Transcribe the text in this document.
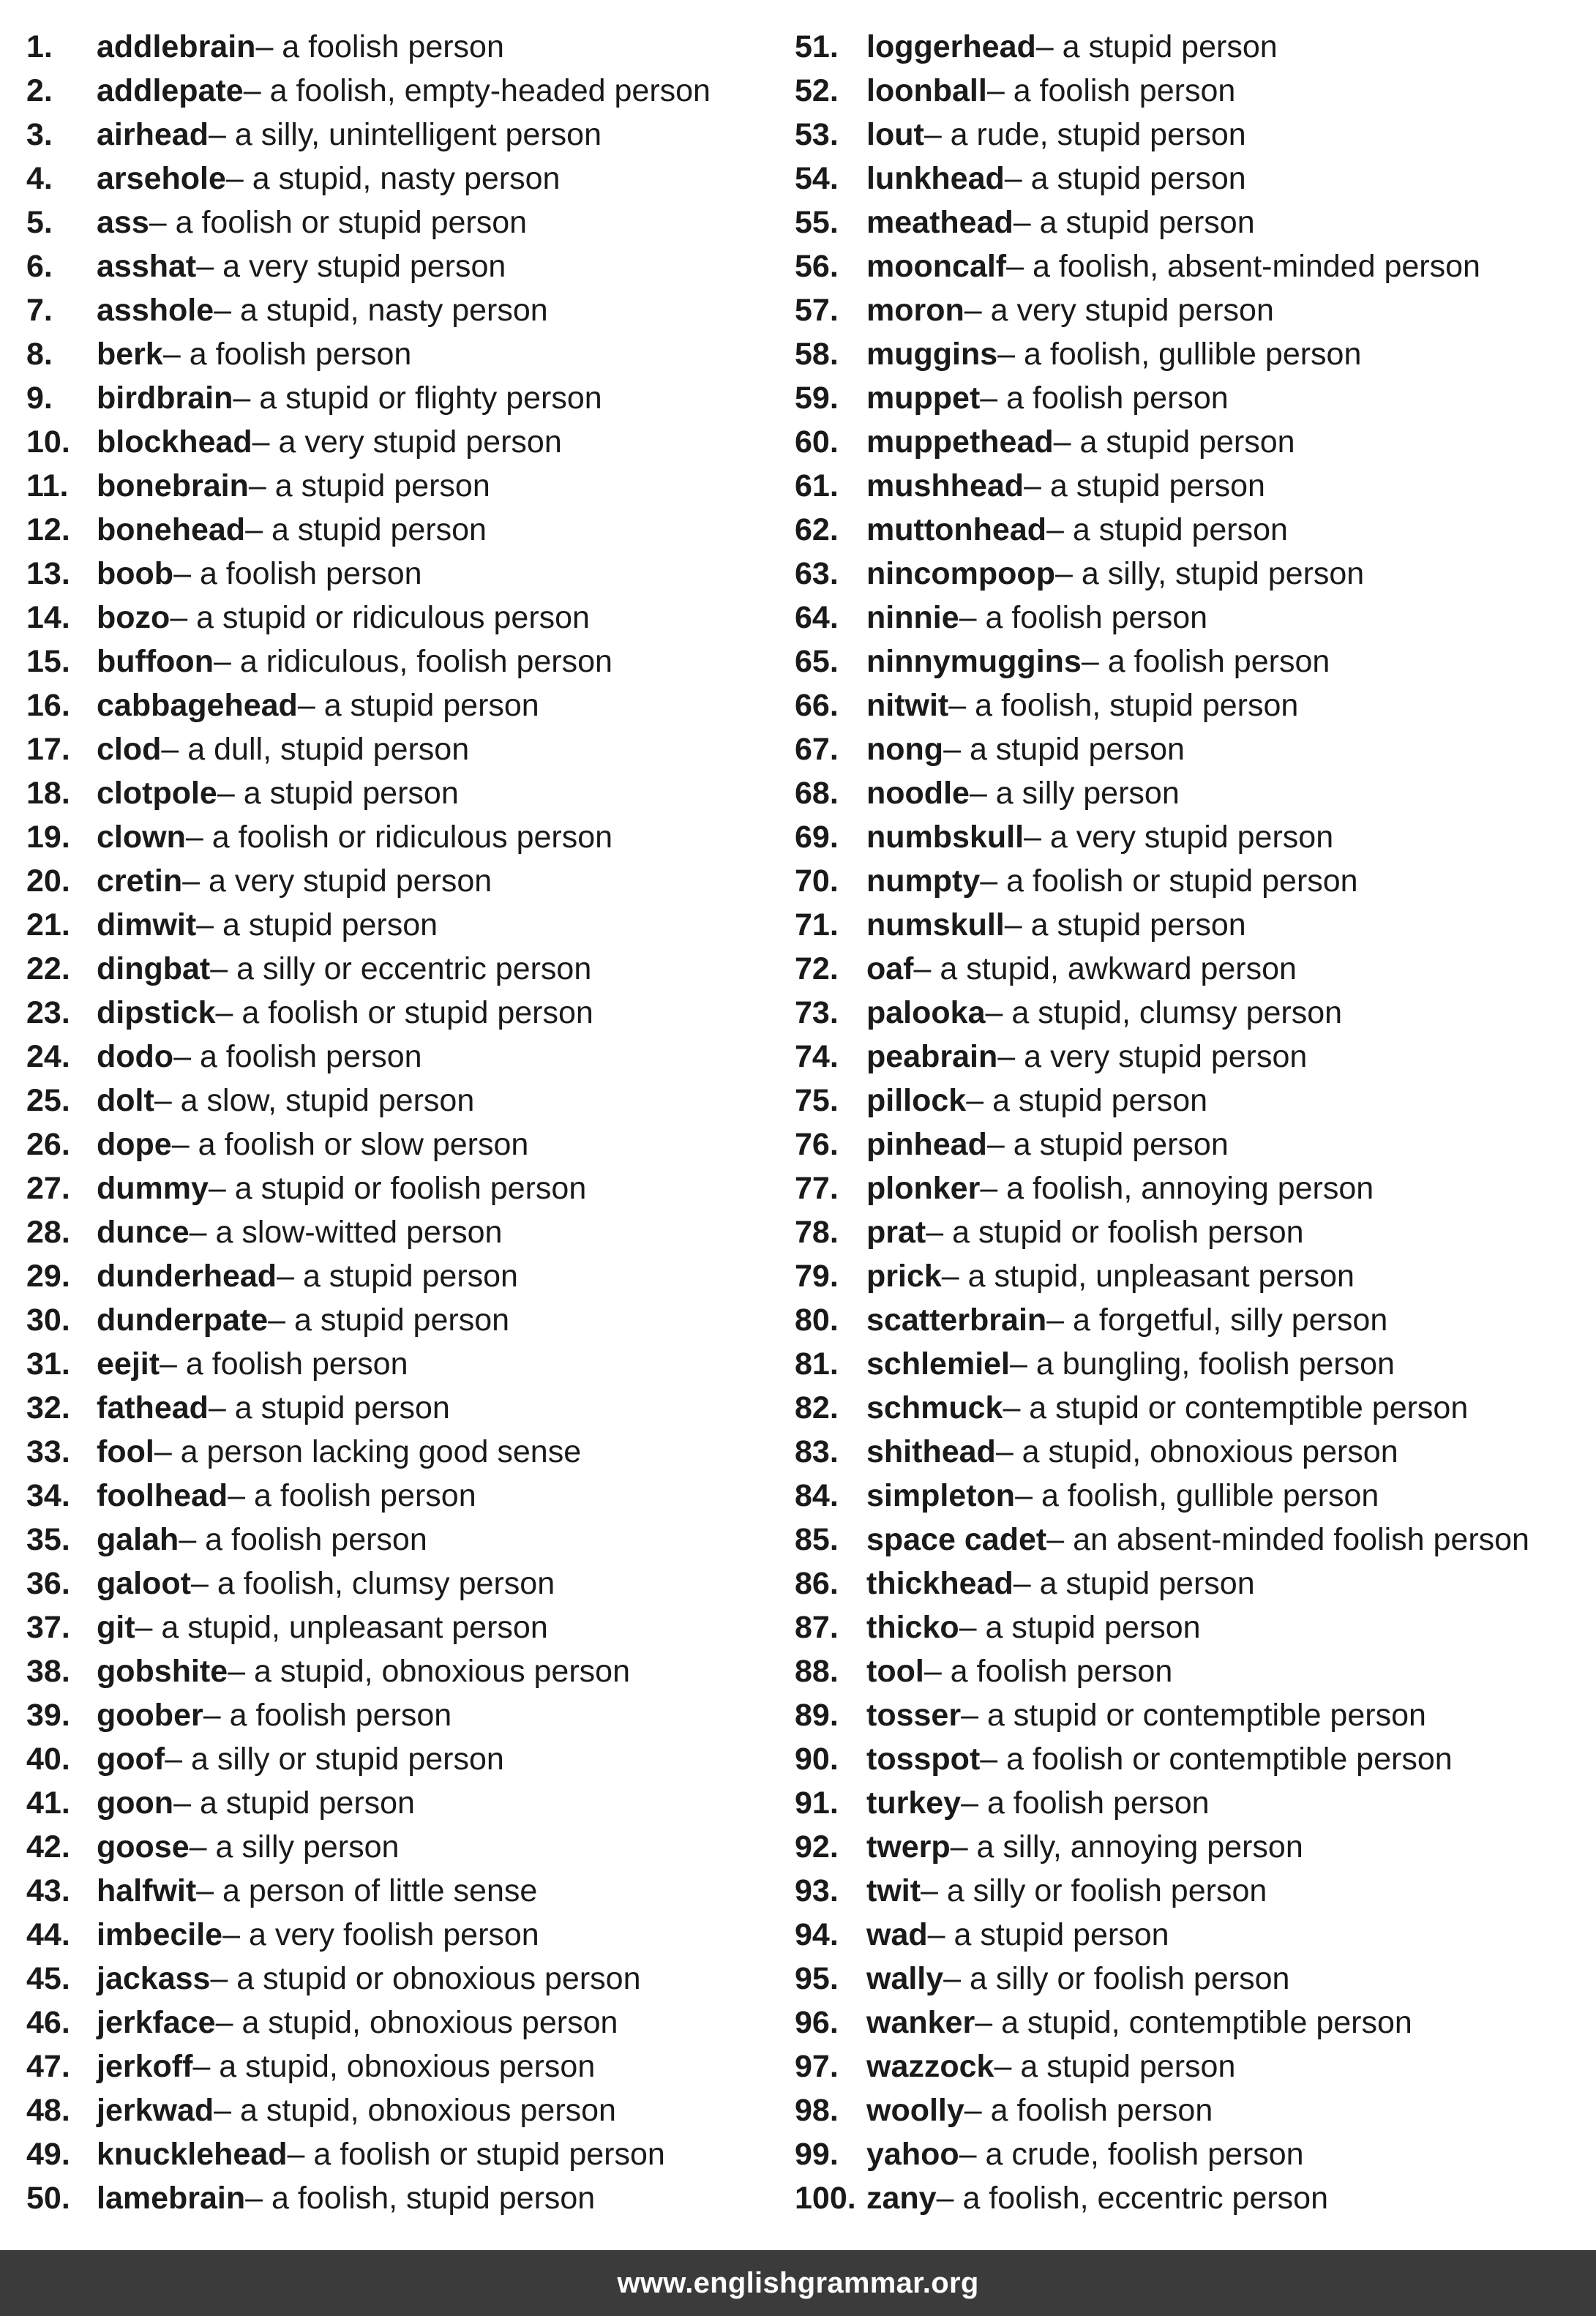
1.	addlebrain – a foolish person
2.	addlepate – a foolish, empty-headed person
3.	airhead – a silly, unintelligent person
4.	arsehole – a stupid, nasty person
5.	ass – a foolish or stupid person
6.	asshat – a very stupid person
7.	asshole – a stupid, nasty person
8.	berk – a foolish person
9.	birdbrain – a stupid or flighty person
10. blockhead – a very stupid person
11. bonebrain – a stupid person
12. bonehead – a stupid person
13. boob – a foolish person
14. bozo – a stupid or ridiculous person
15. buffoon – a ridiculous, foolish person
16. cabbagehead – a stupid person
17. clod – a dull, stupid person
18. clotpole – a stupid person
19. clown – a foolish or ridiculous person
20. cretin – a very stupid person
21. dimwit – a stupid person
22. dingbat – a silly or eccentric person
23. dipstick – a foolish or stupid person
24. dodo – a foolish person
25. dolt – a slow, stupid person
26. dope – a foolish or slow person
27. dummy – a stupid or foolish person
28. dunce – a slow-witted person
29. dunderhead – a stupid person
30. dunderpate – a stupid person
31. eejit – a foolish person
32. fathead – a stupid person
33. fool – a person lacking good sense
34. foolhead – a foolish person
35. galah – a foolish person
36. galoot – a foolish, clumsy person
37. git – a stupid, unpleasant person
38. gobshite – a stupid, obnoxious person
39. goober – a foolish person
40. goof – a silly or stupid person
41. goon – a stupid person
42. goose – a silly person
43. halfwit – a person of little sense
44. imbecile – a very foolish person
45. jackass – a stupid or obnoxious person
46. jerkface – a stupid, obnoxious person
47. jerkoff – a stupid, obnoxious person
48. jerkwad – a stupid, obnoxious person
49. knucklehead – a foolish or stupid person
50. lamebrain – a foolish, stupid person
51. loggerhead – a stupid person
52. loonball – a foolish person
53. lout – a rude, stupid person
54. lunkhead – a stupid person
55. meathead – a stupid person
56. mooncalf – a foolish, absent-minded person
57. moron – a very stupid person
58. muggins – a foolish, gullible person
59. muppet – a foolish person
60. muppethead – a stupid person
61. mushhead – a stupid person
62. muttonhead – a stupid person
63. nincompoop – a silly, stupid person
64. ninnie – a foolish person
65. ninnymuggins – a foolish person
66. nitwit – a foolish, stupid person
67. nong – a stupid person
68. noodle – a silly person
69. numbskull – a very stupid person
70. numpty – a foolish or stupid person
71. numskull – a stupid person
72. oaf – a stupid, awkward person
73. palooka – a stupid, clumsy person
74. peabrain – a very stupid person
75. pillock – a stupid person
76. pinhead – a stupid person
77. plonker – a foolish, annoying person
78. prat – a stupid or foolish person
79. prick – a stupid, unpleasant person
80. scatterbrain – a forgetful, silly person
81. schlemiel – a bungling, foolish person
82. schmuck – a stupid or contemptible person
83. shithead – a stupid, obnoxious person
84. simpleton – a foolish, gullible person
85. space cadet – an absent-minded foolish person
86. thickhead – a stupid person
87. thicko – a stupid person
88. tool – a foolish person
89. tosser – a stupid or contemptible person
90. tosspot – a foolish or contemptible person
91. turkey – a foolish person
92. twerp – a silly, annoying person
93. twit – a silly or foolish person
94. wad – a stupid person
95. wally – a silly or foolish person
96. wanker – a stupid, contemptible person
97. wazzock – a stupid person
98. woolly – a foolish person
99. yahoo – a crude, foolish person
100. zany – a foolish, eccentric person
www.englishgrammar.org
